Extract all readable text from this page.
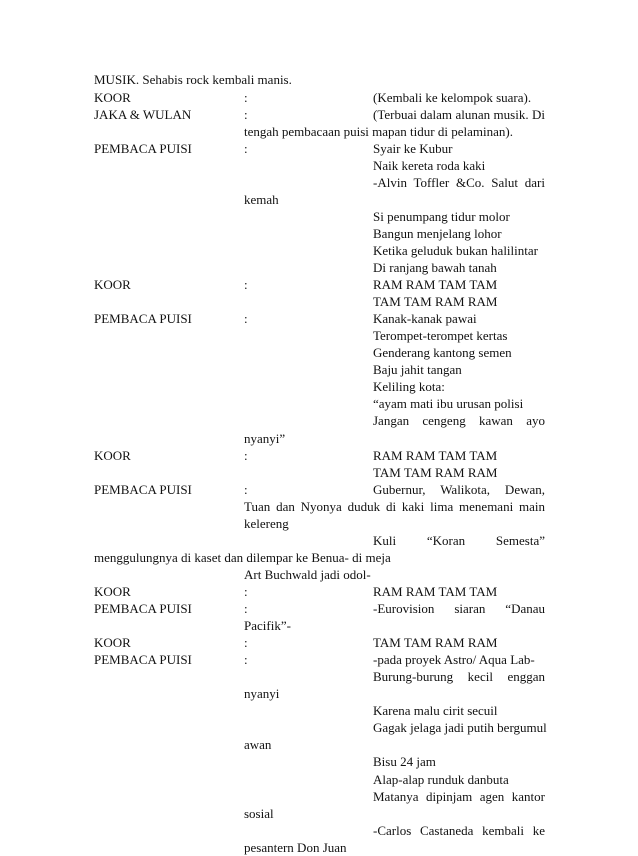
MUSIK. Sehabis rock kembali manis.
KOOR	:	(Kembali ke kelompok suara).
JAKA & WULAN	:	(Terbuai dalam alunan musik. Di
tengah pembacaan puisi mapan tidur di pelaminan).
PEMBACA PUISI	:	Syair ke Kubur
Naik kereta roda kaki
-Alvin Toffler &Co. Salut dari
kemah
Si penumpang tidur molor
Bangun menjelang lohor
Ketika geluduk bukan halilintar
Di ranjang bawah tanah
KOOR	:	RAM RAM TAM TAM
TAM TAM RAM RAM
PEMBACA PUISI	:	Kanak-kanak pawai
Terompet-terompet kertas
Genderang kantong semen
Baju jahit tangan
Keliling kota:
“ayam mati ibu urusan polisi
Jangan cengeng kawan ayo
nyanyi”
KOOR	:	RAM RAM TAM TAM
TAM TAM RAM RAM
PEMBACA PUISI	:	Gubernur, Walikota, Dewan,
Tuan dan Nyonya duduk di kaki lima menemani main
kelereng
Kuli “Koran Semesta”
menggulungnya di kaset dan dilempar ke Benua- di meja
Art Buchwald jadi odol-
KOOR	:	RAM RAM TAM TAM
PEMBACA PUISI	:	-Eurovision siaran “Danau
Pacifik”-
KOOR	:	TAM TAM RAM RAM
PEMBACA PUISI	:	-pada proyek Astro/ Aqua Lab-
Burung-burung kecil enggan
nyanyi
Karena malu cirit secuil
Gagak jelaga jadi putih bergumul
awan
Bisu 24 jam
Alap-alap runduk danbuta
Matanya dipinjam agen kantor
sosial
-Carlos Castaneda kembali ke
pesantern Don Juan
